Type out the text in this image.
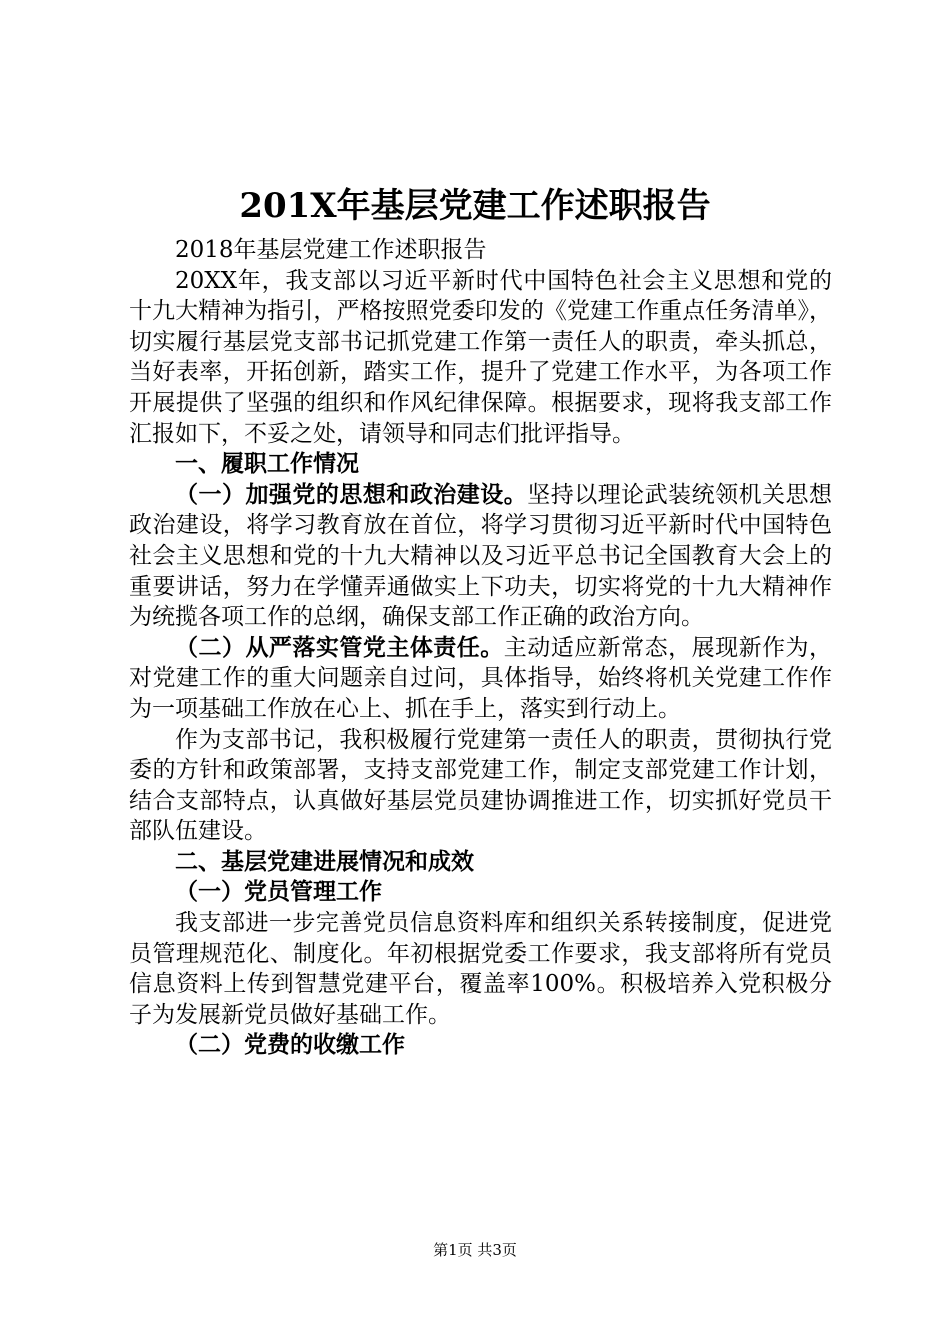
201X年基层党建工作述职报告

2018年基层党建工作述职报告

20XX年，我支部以习近平新时代中国特色社会主义思想和党的十九大精神为指引，严格按照党委印发的《党建工作重点任务清单》，切实履行基层党支部书记抓党建工作第一责任人的职责，牵头抓总，当好表率，开拓创新，踏实工作，提升了党建工作水平，为各项工作开展提供了坚强的组织和作风纪律保障。根据要求，现将我支部工作汇报如下，不妥之处，请领导和同志们批评指导。

一、履职工作情况

（一）加强党的思想和政治建设。坚持以理论武装统领机关思想政治建设，将学习教育放在首位，将学习贯彻习近平新时代中国特色社会主义思想和党的十九大精神以及习近平总书记全国教育大会上的重要讲话，努力在学懂弄通做实上下功夫，切实将党的十九大精神作为统揽各项工作的总纲，确保支部工作正确的政治方向。

（二）从严落实管党主体责任。主动适应新常态，展现新作为，对党建工作的重大问题亲自过问，具体指导，始终将机关党建工作作为一项基础工作放在心上、抓在手上，落实到行动上。

作为支部书记，我积极履行党建第一责任人的职责，贯彻执行党委的方针和政策部署，支持支部党建工作，制定支部党建工作计划，结合支部特点，认真做好基层党员建协调推进工作，切实抓好党员干部队伍建设。

二、基层党建进展情况和成效

（一）党员管理工作

我支部进一步完善党员信息资料库和组织关系转接制度，促进党员管理规范化、制度化。年初根据党委工作要求，我支部将所有党员信息资料上传到智慧党建平台，覆盖率100%。积极培养入党积极分子为发展新党员做好基础工作。

（二）党费的收缴工作

第1页 共3页
